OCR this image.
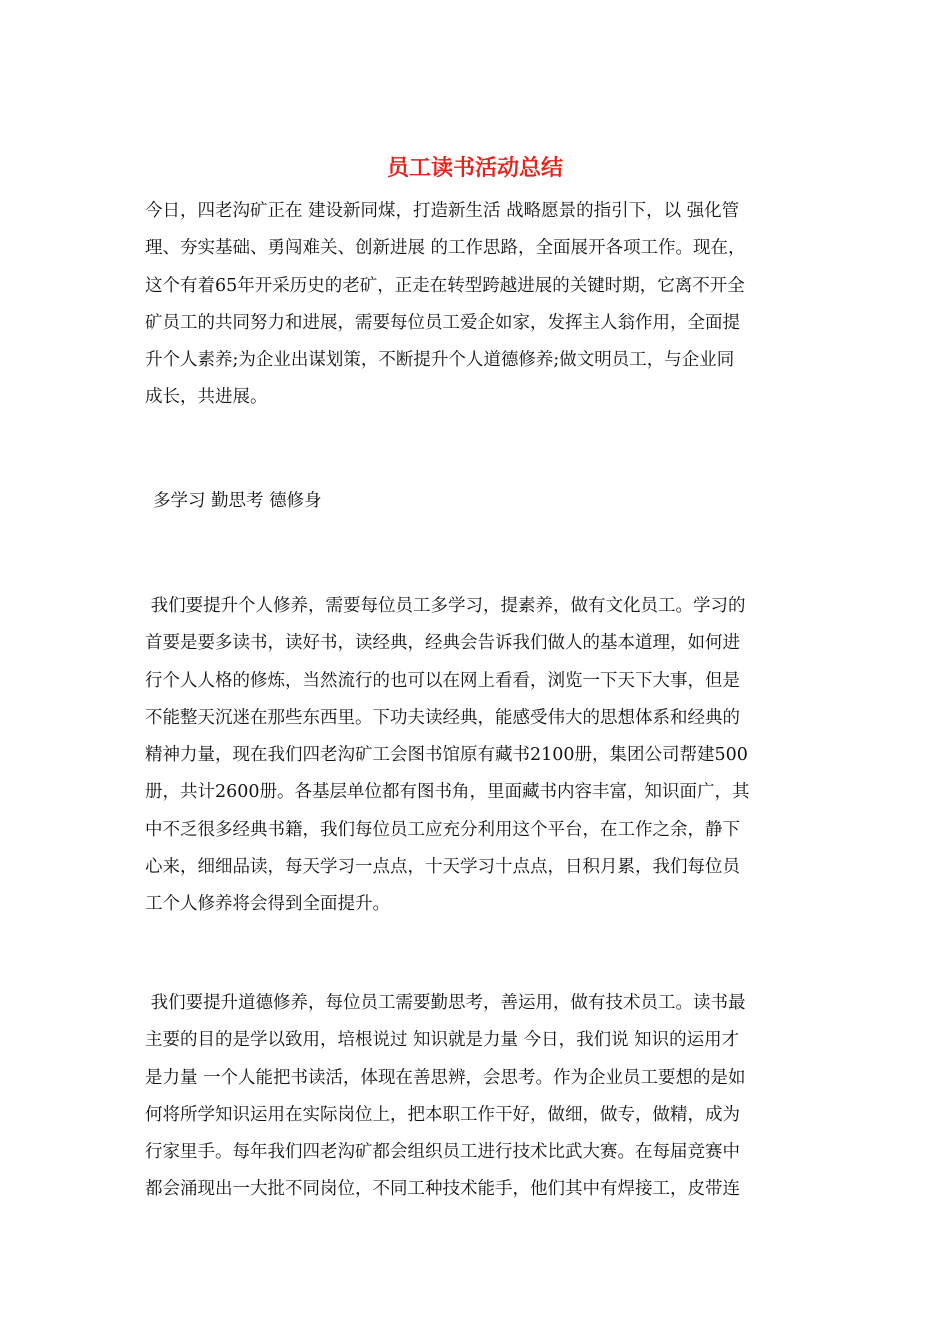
员工读书活动总结
今日，四老沟矿正在 建设新同煤，打造新生活 战略愿景的指引下，以 强化管
理、夯实基础、勇闯难关、创新进展 的工作思路，全面展开各项工作。现在，
这个有着65年开采历史的老矿，正走在转型跨越进展的关键时期，它离不开全
矿员工的共同努力和进展，需要每位员工爱企如家，发挥主人翁作用，全面提
升个人素养;为企业出谋划策，不断提升个人道德修养;做文明员工，与企业同
成长，共进展。
多学习 勤思考 德修身
我们要提升个人修养，需要每位员工多学习，提素养，做有文化员工。学习的
首要是要多读书，读好书，读经典，经典会告诉我们做人的基本道理，如何进
行个人人格的修炼，当然流行的也可以在网上看看，浏览一下天下大事，但是
不能整天沉迷在那些东西里。下功夫读经典，能感受伟大的思想体系和经典的
精神力量，现在我们四老沟矿工会图书馆原有藏书2100册，集团公司帮建500
册，共计2600册。各基层单位都有图书角，里面藏书内容丰富，知识面广，其
中不乏很多经典书籍，我们每位员工应充分利用这个平台，在工作之余，静下
心来，细细品读，每天学习一点点，十天学习十点点，日积月累，我们每位员
工个人修养将会得到全面提升。
我们要提升道德修养，每位员工需要勤思考，善运用，做有技术员工。读书最
主要的目的是学以致用，培根说过 知识就是力量 今日，我们说 知识的运用才
是力量 一个人能把书读活，体现在善思辨，会思考。作为企业员工要想的是如
何将所学知识运用在实际岗位上，把本职工作干好，做细，做专，做精，成为
行家里手。每年我们四老沟矿都会组织员工进行技术比武大赛。在每届竞赛中
都会涌现出一大批不同岗位，不同工种技术能手，他们其中有焊接工，皮带连
